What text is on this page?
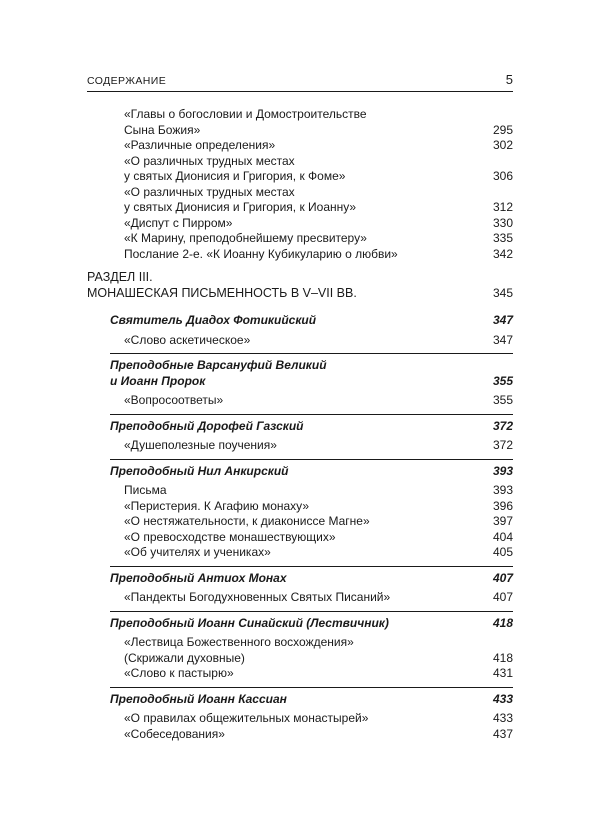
СОДЕРЖАНИЕ	5
«Главы о богословии и Домостроительстве
Сына Божия»	295
«Различные определения»	302
«О различных трудных местах
у святых Дионисия и Григория, к Фоме»	306
«О различных трудных местах
у святых Дионисия и Григория, к Иоанну»	312
«Диспут с Пирром»	330
«К Марину, преподобнейшему пресвитеру»	335
Послание 2-е. «К Иоанну Кубикуларию о любви»	342
РАЗДЕЛ III.
МОНАШЕСКАЯ ПИСЬМЕННОСТЬ В V–VII ВВ.	345
Святитель Диадох Фотикийский	347
«Слово аскетическое»	347
Преподобные Варсануфий Великий
и Иоанн Пророк	355
«Вопросоответы»	355
Преподобный Дорофей Газский	372
«Душеполезные поучения»	372
Преподобный Нил Анкирский	393
Письма	393
«Перистерия. К Агафию монаху»	396
«О нестяжательности, к диакониссе Магне»	397
«О превосходстве монашествующих»	404
«Об учителях и учениках»	405
Преподобный Антиох Монах	407
«Пандекты Богодухновенных Святых Писаний»	407
Преподобный Иоанн Синайский (Лествичник)	418
«Лествица Божественного восхождения»
(Скрижали духовные)	418
«Слово к пастырю»	431
Преподобный Иоанн Кассиан	433
«О правилах общежительных монастырей»	433
«Собеседования»	437
